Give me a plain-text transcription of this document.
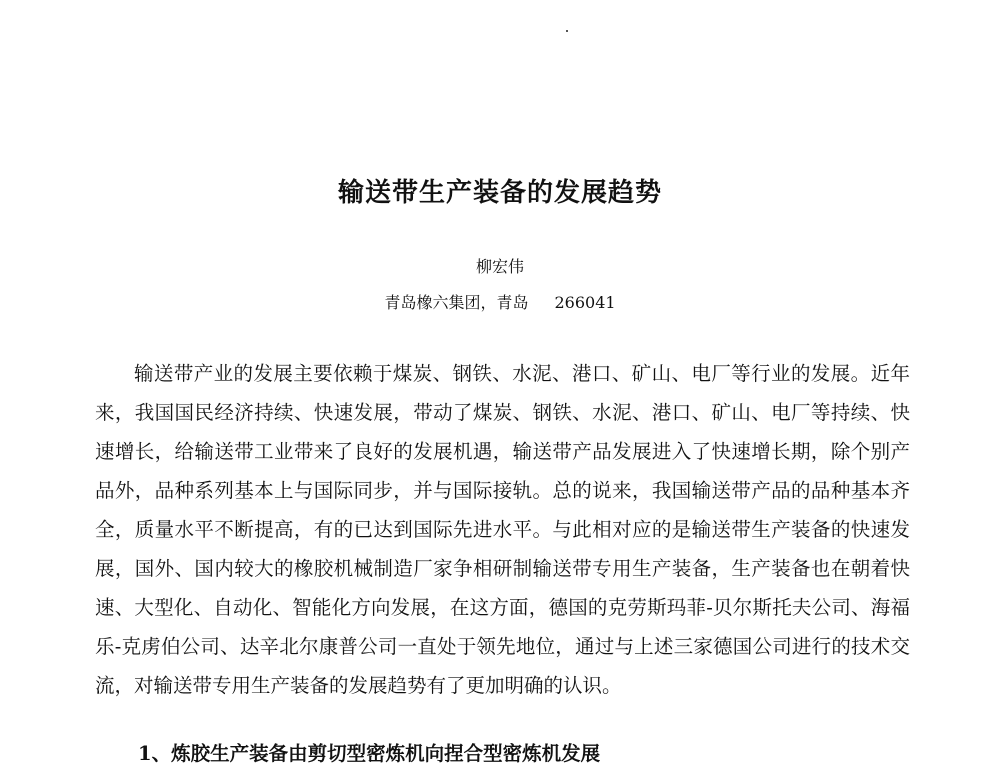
输送带生产装备的发展趋势
柳宏伟
青岛橡六集团，青岛 266041

输送带产业的发展主要依赖于煤炭、钢铁、水泥、港口、矿山、电厂等行业的发展。近年来，我国国民经济持续、快速发展，带动了煤炭、钢铁、水泥、港口、矿山、电厂等持续、快速增长，给输送带工业带来了良好的发展机遇，输送带产品发展进入了快速增长期，除个别产品外，品种系列基本上与国际同步，并与国际接轨。总的说来，我国输送带产品的品种基本齐全，质量水平不断提高，有的已达到国际先进水平。与此相对应的是输送带生产装备的快速发展，国外、国内较大的橡胶机械制造厂家争相研制输送带专用生产装备，生产装备也在朝着快速、大型化、自动化、智能化方向发展，在这方面，德国的克劳斯玛菲-贝尔斯托夫公司、海福乐-克虏伯公司、达辛北尔康普公司一直处于领先地位，通过与上述三家德国公司进行的技术交流，对输送带专用生产装备的发展趋势有了更加明确的认识。

1、炼胶生产装备由剪切型密炼机向捏合型密炼机发展
